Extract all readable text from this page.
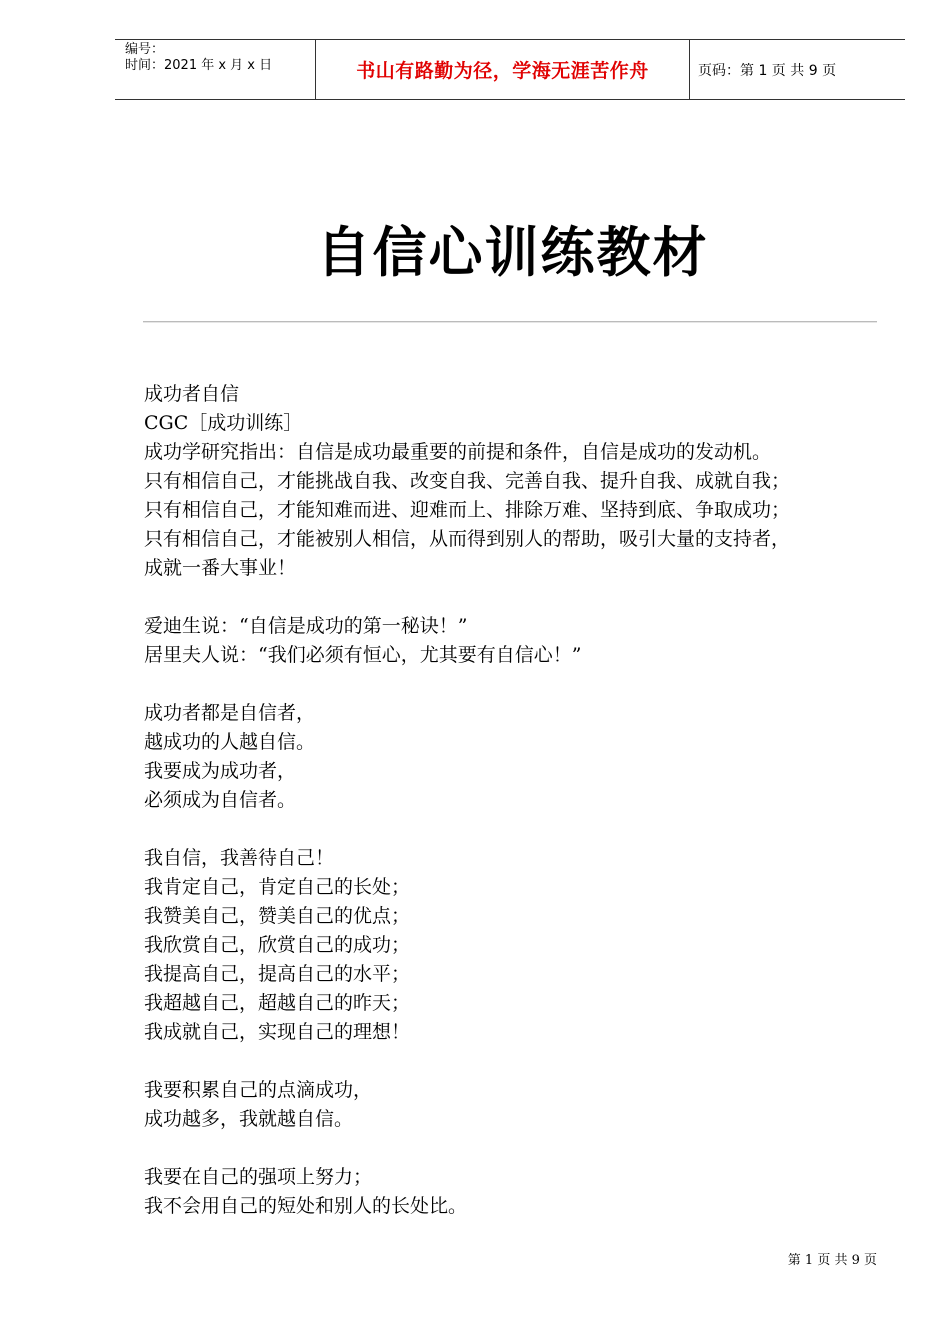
编号：
时间：2021 年 x 月 x 日	书山有路勤为径，学海无涯苦作舟	页码：第 1 页 共 9 页
自信心训练教材
成功者自信
CGC［成功训练］
成功学研究指出：自信是成功最重要的前提和条件，自信是成功的发动机。
只有相信自己，才能挑战自我、改变自我、完善自我、提升自我、成就自我；
只有相信自己，才能知难而进、迎难而上、排除万难、坚持到底、争取成功；
只有相信自己，才能被别人相信，从而得到别人的帮助，吸引大量的支持者，
成就一番大事业！
爱迪生说：“自信是成功的第一秘诀！”
居里夫人说：“我们必须有恒心，尤其要有自信心！”
成功者都是自信者，
越成功的人越自信。
我要成为成功者，
必须成为自信者。
我自信，我善待自己！
我肯定自己，肯定自己的长处；
我赞美自己，赞美自己的优点；
我欣赏自己，欣赏自己的成功；
我提高自己，提高自己的水平；
我超越自己，超越自己的昨天；
我成就自己，实现自己的理想！
我要积累自己的点滴成功，
成功越多，我就越自信。
我要在自己的强项上努力；
我不会用自己的短处和别人的长处比。
第 1 页 共 9 页
